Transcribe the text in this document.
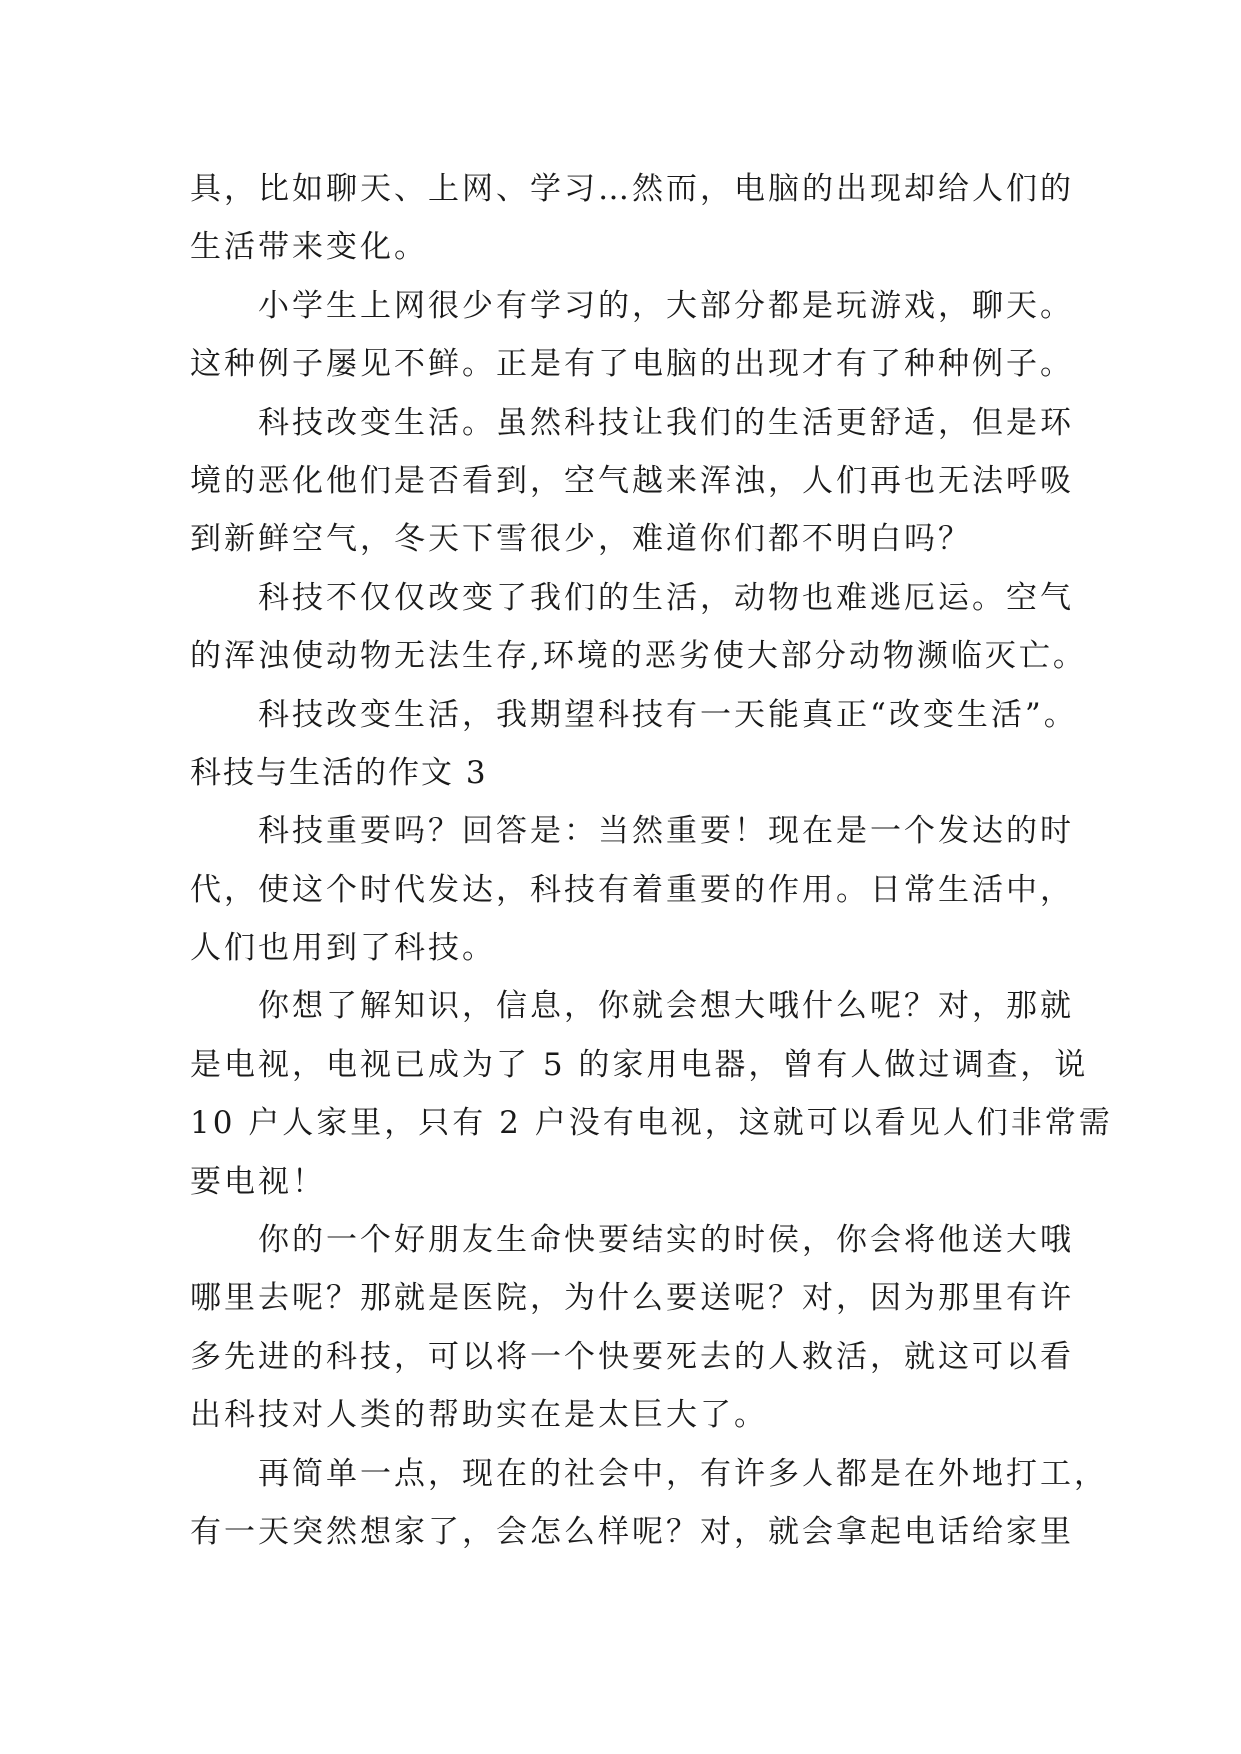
具，比如聊天、上网、学习…然而，电脑的出现却给人们的
生活带来变化。
小学生上网很少有学习的，大部分都是玩游戏，聊天。
这种例子屡见不鲜。正是有了电脑的出现才有了种种例子。
科技改变生活。虽然科技让我们的生活更舒适，但是环
境的恶化他们是否看到，空气越来浑浊，人们再也无法呼吸
到新鲜空气，冬天下雪很少，难道你们都不明白吗？
科技不仅仅改变了我们的生活，动物也难逃厄运。空气
的浑浊使动物无法生存,环境的恶劣使大部分动物濒临灭亡。
科技改变生活，我期望科技有一天能真正“改变生活”。
科技与生活的作文 3
科技重要吗？回答是：当然重要！现在是一个发达的时
代，使这个时代发达，科技有着重要的作用。日常生活中，
人们也用到了科技。
你想了解知识，信息，你就会想大哦什么呢？对，那就
是电视，电视已成为了 5 的家用电器，曾有人做过调查，说
10 户人家里，只有 2 户没有电视，这就可以看见人们非常需
要电视！
你的一个好朋友生命快要结实的时侯，你会将他送大哦
哪里去呢？那就是医院，为什么要送呢？对，因为那里有许
多先进的科技，可以将一个快要死去的人救活，就这可以看
出科技对人类的帮助实在是太巨大了。
再简单一点，现在的社会中，有许多人都是在外地打工，
有一天突然想家了，会怎么样呢？对，就会拿起电话给家里
